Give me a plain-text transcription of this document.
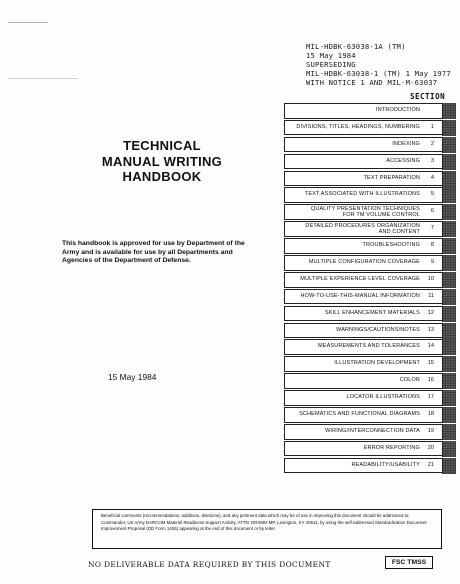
MIL-HDBK-63038-1A (TM)
15 May 1984
SUPERSEDING
MIL-HDBK-63038-1 (TM) 1 May 1977
WITH NOTICE 1 AND MIL-M-63037
SECTION
TECHNICAL
MANUAL WRITING
HANDBOOK
This handbook is approved for use by Department of the Army and is available for use by all Departments and Agencies of the Department of Defense.
15 May 1984
INTRODUCTION
DIVISIONS, TITLES, HEADINGS, NUMBERING	1
INDEXING	2
ACCESSING	3
TEXT PREPARATION	4
TEXT ASSOCIATED WITH ILLUSTRATIONS	5
QUALITY PRESENTATION TECHNIQUES
FOR TM VOLUME CONTROL
6
DETAILED PROCEDURES ORGANIZATION
AND CONTENT
7
TROUBLESHOOTING	8
MULTIPLE CONFIGURATION COVERAGE	9
MULTIPLE EXPERIENCE LEVEL COVERAGE	10
HOW-TO-USE-THIS-MANUAL INFORMATION	11
SKILL ENHANCEMENT MATERIALS	12
WARNINGS/CAUTIONS/NOTES	13
MEASUREMENTS AND TOLERANCES	14
ILLUSTRATION DEVELOPMENT	15
COLOR	16
LOCATOR ILLUSTRATIONS	17
SCHEMATICS AND FUNCTIONAL DIAGRAMS	18
WIRING/INTERCONNECTION DATA	19
ERROR REPORTING	20
READABILITY/USABILITY	21
Beneficial comments (recommendations, additions, deletions), and any pertinent data which may be of use in improving this document should be addressed to: Commander, US Army DARCOM Materiel Readiness Support Activity, ATTN: DRXMD-MP, Lexington, KY 40511, by using the self-addressed Standardization Document Improvement Proposal (DD Form 1426) appearing at the end of this document or by letter.
NO DELIVERABLE DATA REQUIRED BY THIS DOCUMENT	FSC TMSS
